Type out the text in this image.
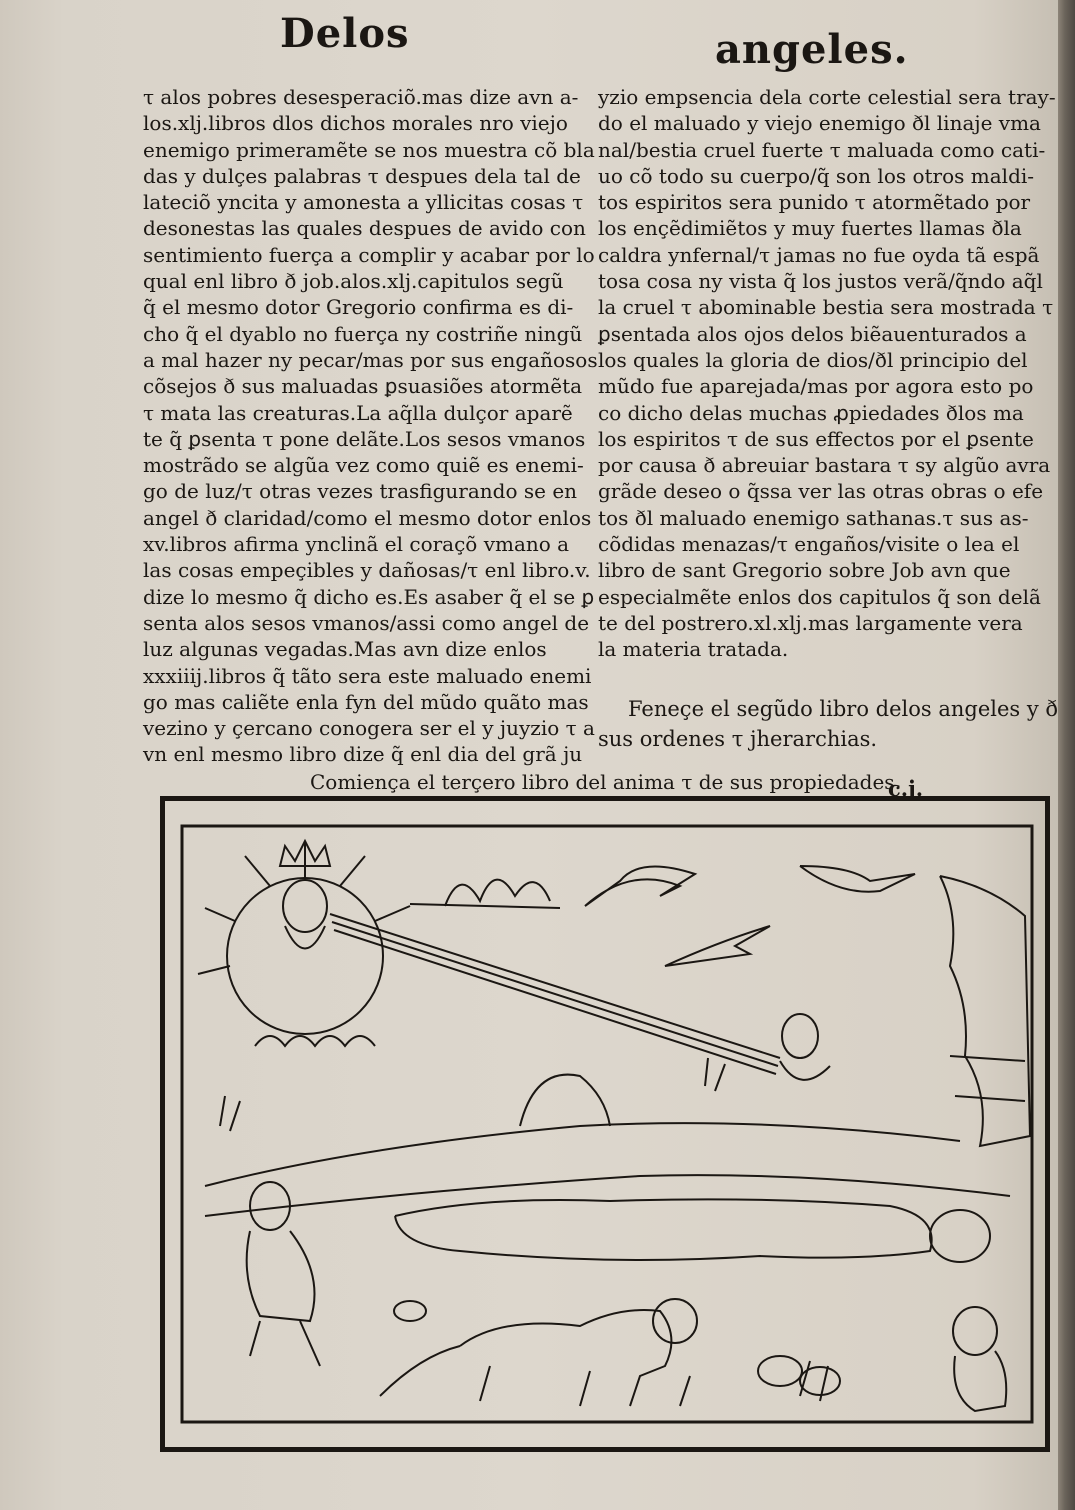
Delos	angeles.
τ alos pobres desesperaciõ.mas dize avn a-
los.xlj.libros dlos dichos morales nro viejo
enemigo primeramẽte se nos muestra cõ bla
das y dulçes palabras τ despues dela tal de
lateciõ yncita y amonesta a yllicitas cosas τ
desonestas las quales despues de avido con
sentimiento fuerça a complir y acabar por lo
qual enl libro ð job.alos.xlj.capitulos segũ
q̃ el mesmo dotor Gregorio confirma es di-
cho q̃ el dyablo no fuerça ny costriñe ningũ
a mal hazer ny pecar/mas por sus engañosos
cõsejos ð sus maluadas ꝑsuasiões atormẽta
τ mata las creaturas.La aq̃lla dulçor aparẽ
te q̃ ꝑsenta τ pone delãte.Los sesos vmanos
mostrãdo se algũa vez como quiẽ es enemi-
go de luz/τ otras vezes trasfigurando se en
angel ð claridad/como el mesmo dotor enlos
xv.libros afirma ynclinã el coraçõ vmano a
las cosas empeçibles y dañosas/τ enl libro.v.
dize lo mesmo q̃ dicho es.Es asaber q̃ el se ꝑ
senta alos sesos vmanos/assi como angel de
luz algunas vegadas.Mas avn dize enlos
xxxiiij.libros q̃ tãto sera este maluado enemi
go mas caliẽte enla fyn del mũdo quãto mas
vezino y çercano conogera ser el y juyzio τ a
vn enl mesmo libro dize q̃ enl dia del grã ju
yzio empsencia dela corte celestial sera tray-
do el maluado y viejo enemigo ðl linaje vma
nal/bestia cruel fuerte τ maluada como cati-
uo cõ todo su cuerpo/q̃ son los otros maldi-
tos espiritos sera punido τ atormẽtado por
los ençẽdimiẽtos y muy fuertes llamas ðla
caldra ynfernal/τ jamas no fue oyda tã espã
tosa cosa ny vista q̃ los justos verã/q̃ndo aq̃l
la cruel τ abominable bestia sera mostrada τ
ꝑsentada alos ojos delos biẽauenturados a
los quales la gloria de dios/ðl principio del
mũdo fue aparejada/mas por agora esto po
co dicho delas muchas ꝓpiedades ðlos ma
los espiritos τ de sus effectos por el ꝑsente
por causa ð abreuiar bastara τ sy algũo avra
grãde deseo o q̃ssa ver las otras obras o efe
tos ðl maluado enemigo sathanas.τ sus as-
cõdidas menazas/τ engaños/visite o lea el
libro de sant Gregorio sobre Job avn que
especialmẽte enlos dos capitulos q̃ son delã
te del postrero.xl.xlj.mas largamente vera
la materia tratada.
Feneçe el segũdo libro delos angeles y ð
sus ordenes τ jherarchias.
Comiença el terçero libro del anima τ de sus propiedades.
c.j.
